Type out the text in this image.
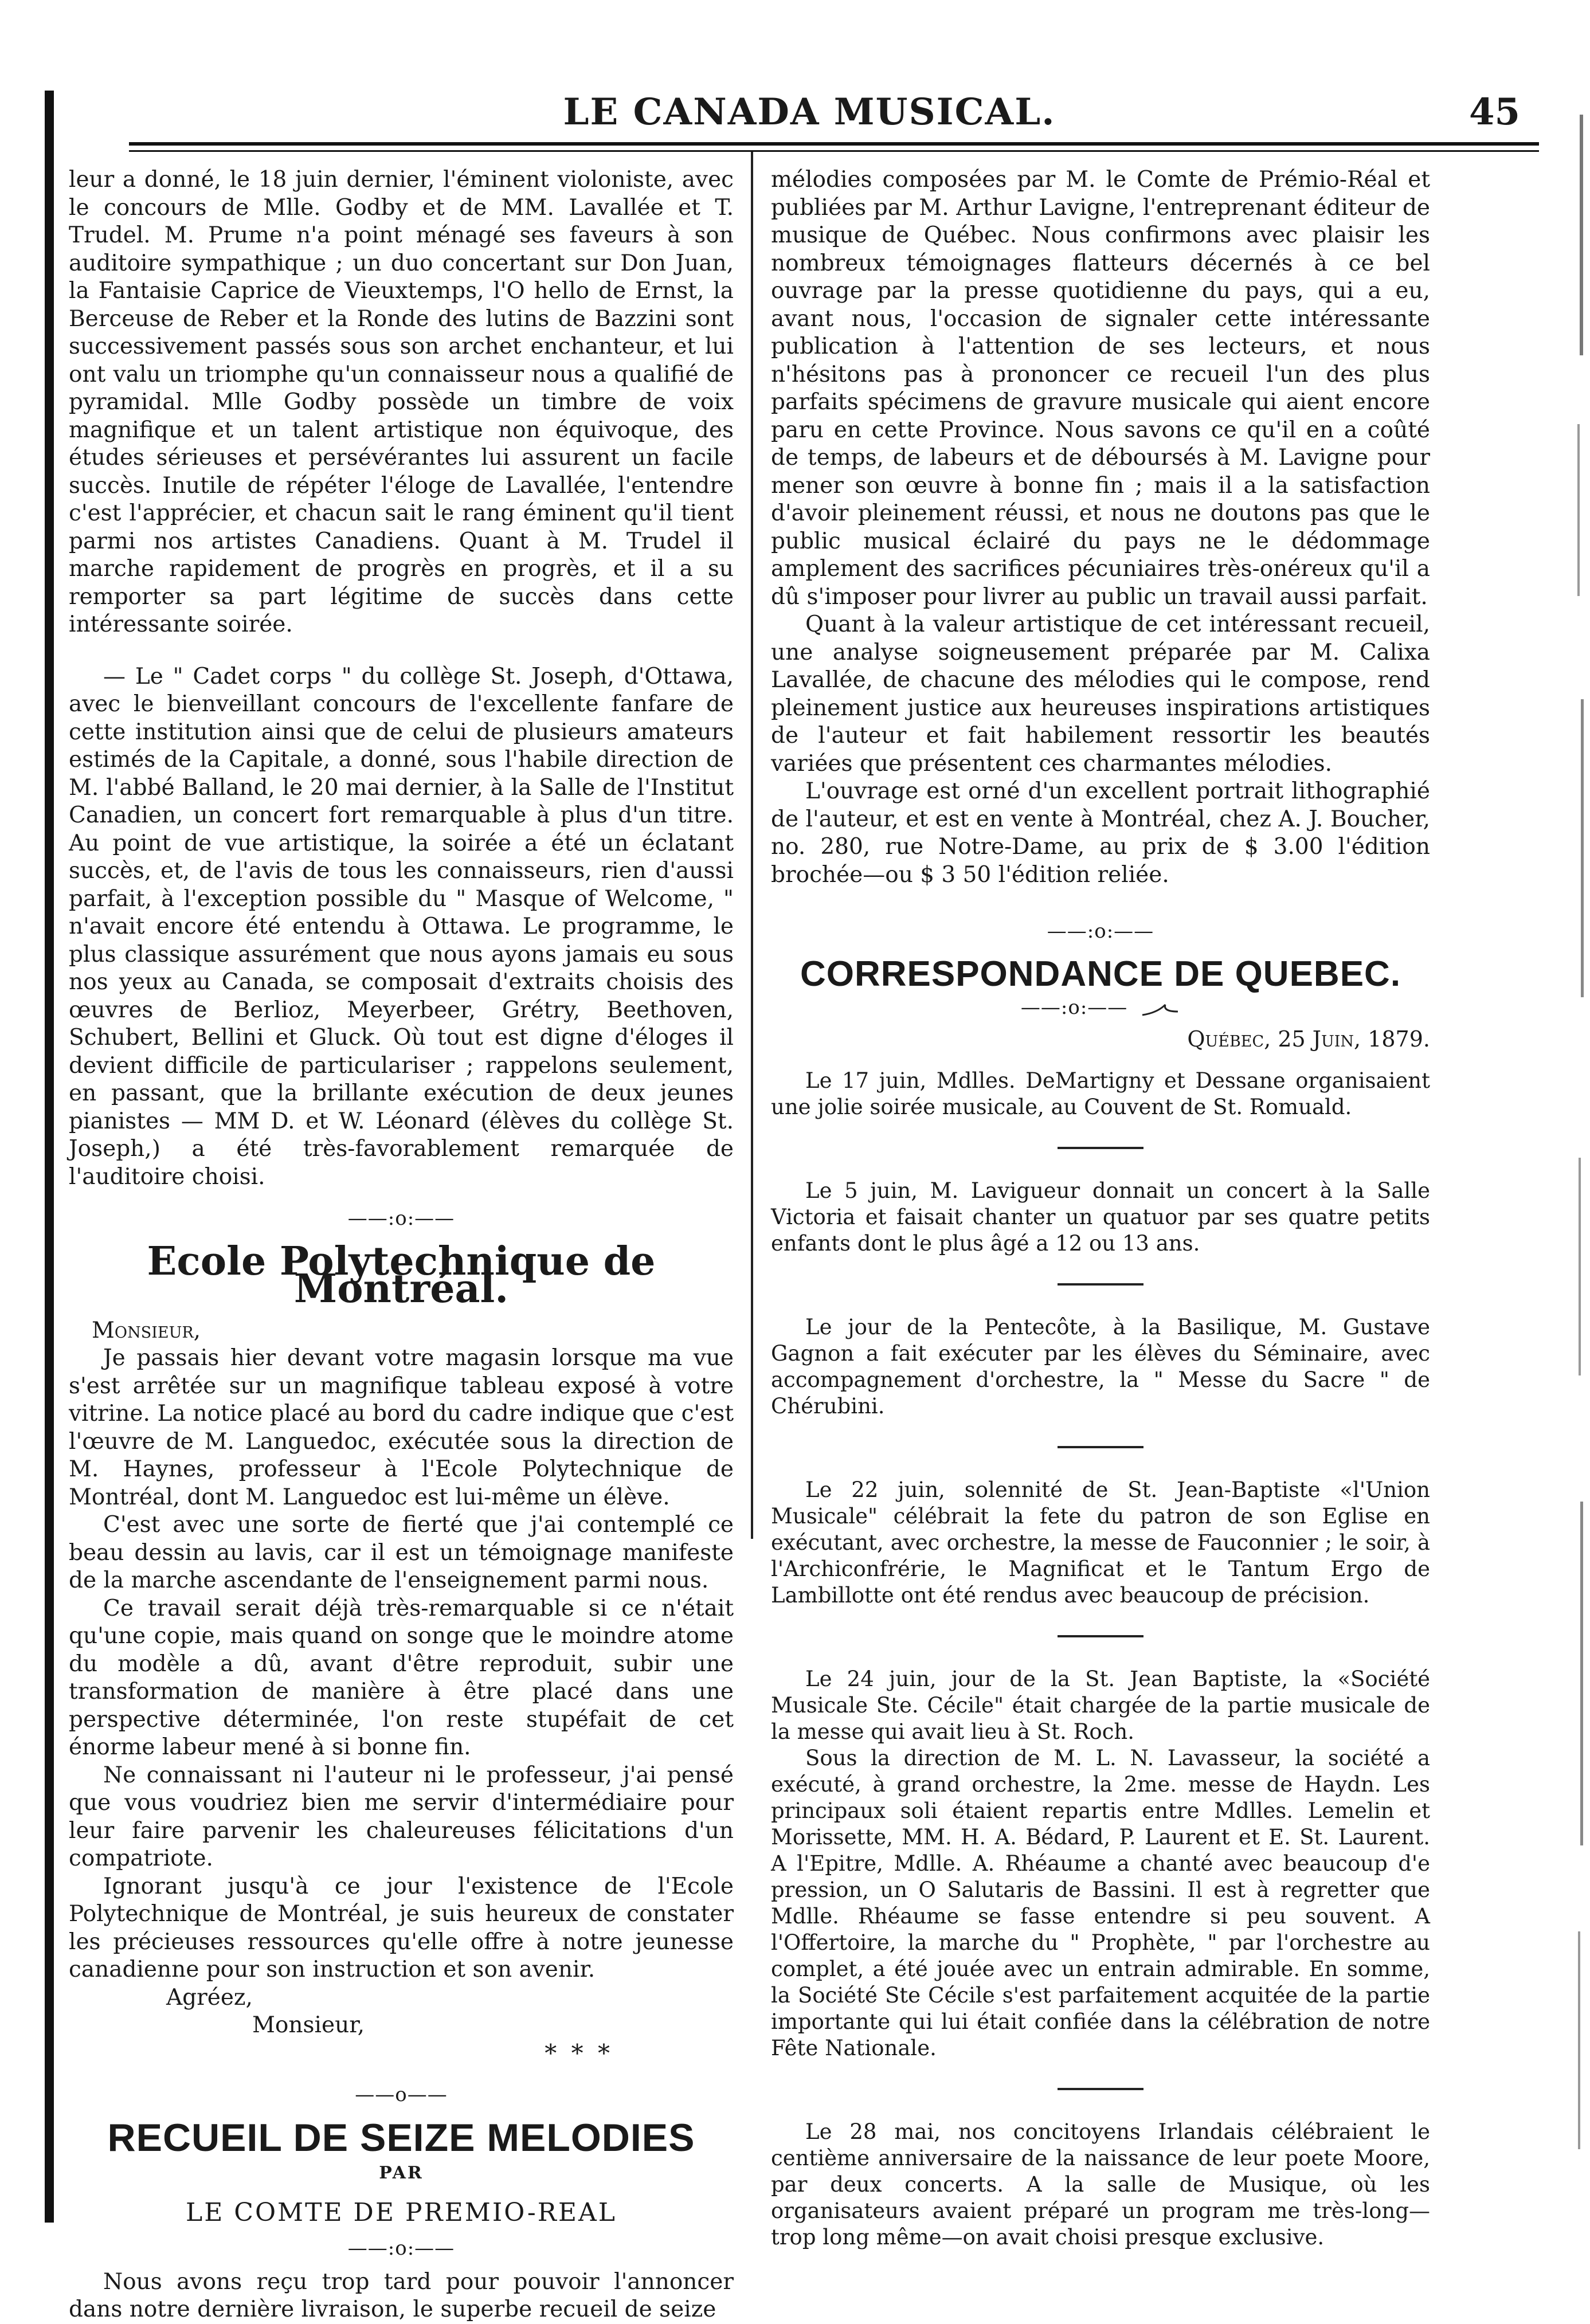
LE CANADA MUSICAL.	45

leur a donné, le 18 juin dernier, l'éminent violoniste, avec le concours de Mlle. Godby et de MM. Lavallée et T. Trudel. M. Prume n'a point ménagé ses faveurs à son auditoire sympathique ; un duo concertant sur Don Juan, la Fantaisie Caprice de Vieuxtemps, l'O hello de Ernst, la Berceuse de Reber et la Ronde des lutins de Bazzini sont successivement passés sous son archet enchanteur, et lui ont valu un triomphe qu'un connaisseur nous a qualifié de pyramidal. Mlle Godby possède un timbre de voix magnifique et un talent artistique non équivoque, des études sérieuses et persévérantes lui assurent un facile succès. Inutile de répéter l'éloge de Lavallée, l'entendre c'est l'apprécier, et chacun sait le rang éminent qu'il tient parmi nos artistes Canadiens. Quant à M. Trudel il marche rapidement de progrès en progrès, et il a su remporter sa part légitime de succès dans cette intéressante soirée.

— Le " Cadet corps " du collège St. Joseph, d'Ottawa, avec le bienveillant concours de l'excellente fanfare de cette institution ainsi que de celui de plusieurs amateurs estimés de la Capitale, a donné, sous l'habile direction de M. l'abbé Balland, le 20 mai dernier, à la Salle de l'Institut Canadien, un concert fort remarquable à plus d'un titre. Au point de vue artistique, la soirée a été un éclatant succès, et, de l'avis de tous les connaisseurs, rien d'aussi parfait, à l'exception possible du " Masque of Welcome, " n'avait encore été entendu à Ottawa. Le programme, le plus classique assurément que nous ayons jamais eu sous nos yeux au Canada, se composait d'extraits choisis des œuvres de Berlioz, Meyerbeer, Grétry, Beethoven, Schubert, Bellini et Gluck. Où tout est digne d'éloges il devient difficile de particulariser ; rappelons seulement, en passant, que la brillante exécution de deux jeunes pianistes — MM D. et W. Léonard (élèves du collège St. Joseph,) a été très-favorablement remarquée de l'auditoire choisi.

——:o:——
Ecole Polytechnique de Montréal.

Monsieur,

Je passais hier devant votre magasin lorsque ma vue s'est arrêtée sur un magnifique tableau exposé à votre vitrine. La notice placé au bord du cadre indique que c'est l'œuvre de M. Languedoc, exécutée sous la direction de M. Haynes, professeur à l'Ecole Polytechnique de Montréal, dont M. Languedoc est lui-même un élève.

C'est avec une sorte de fierté que j'ai contemplé ce beau dessin au lavis, car il est un témoignage manifeste de la marche ascendante de l'enseignement parmi nous.

Ce travail serait déjà très-remarquable si ce n'était qu'une copie, mais quand on songe que le moindre atome du modèle a dû, avant d'être reproduit, subir une transformation de manière à être placé dans une perspective déterminée, l'on reste stupéfait de cet énorme labeur mené à si bonne fin.

Ne connaissant ni l'auteur ni le professeur, j'ai pensé que vous voudriez bien me servir d'intermédiaire pour leur faire parvenir les chaleureuses félicitations d'un compatriote.

Ignorant jusqu'à ce jour l'existence de l'Ecole Polytechnique de Montréal, je suis heureux de constater les précieuses ressources qu'elle offre à notre jeunesse canadienne pour son instruction et son avenir.

Agréez,

Monsieur,

* * *
——o——
RECUEIL DE SEIZE MELODIES
PAR
LE COMTE DE PREMIO-REAL
——:o:——

Nous avons reçu trop tard pour pouvoir l'annoncer dans notre dernière livraison, le superbe recueil de seize

mélodies composées par M. le Comte de Prémio-Réal et publiées par M. Arthur Lavigne, l'entreprenant éditeur de musique de Québec. Nous confirmons avec plaisir les nombreux témoignages flatteurs décernés à ce bel ouvrage par la presse quotidienne du pays, qui a eu, avant nous, l'occasion de signaler cette intéressante publication à l'attention de ses lecteurs, et nous n'hésitons pas à prononcer ce recueil l'un des plus parfaits spécimens de gravure musicale qui aient encore paru en cette Province. Nous savons ce qu'il en a coûté de temps, de labeurs et de déboursés à M. Lavigne pour mener son œuvre à bonne fin ; mais il a la satisfaction d'avoir pleinement réussi, et nous ne doutons pas que le public musical éclairé du pays ne le dédommage amplement des sacrifices pécuniaires très-onéreux qu'il a dû s'imposer pour livrer au public un travail aussi parfait.

Quant à la valeur artistique de cet intéressant recueil, une analyse soigneusement préparée par M. Calixa Lavallée, de chacune des mélodies qui le compose, rend pleinement justice aux heureuses inspirations artistiques de l'auteur et fait habilement ressortir les beautés variées que présentent ces charmantes mélodies.

L'ouvrage est orné d'un excellent portrait lithographié de l'auteur, et est en vente à Montréal, chez A. J. Boucher, no. 280, rue Notre-Dame, au prix de $ 3.00 l'édition brochée—ou $ 3 50 l'édition reliée.

——:o:——
CORRESPONDANCE DE QUEBEC.
——:o:——
Québec, 25 Juin, 1879.

Le 17 juin, Mdlles. DeMartigny et Dessane organisaient une jolie soirée musicale, au Couvent de St. Romuald.

Le 5 juin, M. Lavigueur donnait un concert à la Salle Victoria et faisait chanter un quatuor par ses quatre petits enfants dont le plus âgé a 12 ou 13 ans.

Le jour de la Pentecôte, à la Basilique, M. Gustave Gagnon a fait exécuter par les élèves du Séminaire, avec accompagnement d'orchestre, la " Messe du Sacre " de Chérubini.

Le 22 juin, solennité de St. Jean-Baptiste «l'Union Musicale" célébrait la fete du patron de son Eglise en exécutant, avec orchestre, la messe de Fauconnier ; le soir, à l'Archiconfrérie, le Magnificat et le Tantum Ergo de Lambillotte ont été rendus avec beaucoup de précision.

Le 24 juin, jour de la St. Jean Baptiste, la «Société Musicale Ste. Cécile" était chargée de la partie musicale de la messe qui avait lieu à St. Roch.

Sous la direction de M. L. N. Lavasseur, la société a exécuté, à grand orchestre, la 2me. messe de Haydn. Les principaux soli étaient repartis entre Mdlles. Lemelin et Morissette, MM. H. A. Bédard, P. Laurent et E. St. Laurent. A l'Epitre, Mdlle. A. Rhéaume a chanté avec beaucoup d'e pression, un O Salutaris de Bassini. Il est à regretter que Mdlle. Rhéaume se fasse entendre si peu souvent. A l'Offertoire, la marche du " Prophète, " par l'orchestre au complet, a été jouée avec un entrain admirable. En somme, la Société Ste Cécile s'est parfaitement acquitée de la partie importante qui lui était confiée dans la célébration de notre Fête Nationale.

Le 28 mai, nos concitoyens Irlandais célébraient le centième anniversaire de la naissance de leur poete Moore, par deux concerts. A la salle de Musique, où les organisateurs avaient préparé un program me très-long—trop long même—on avait choisi presque exclusive.
